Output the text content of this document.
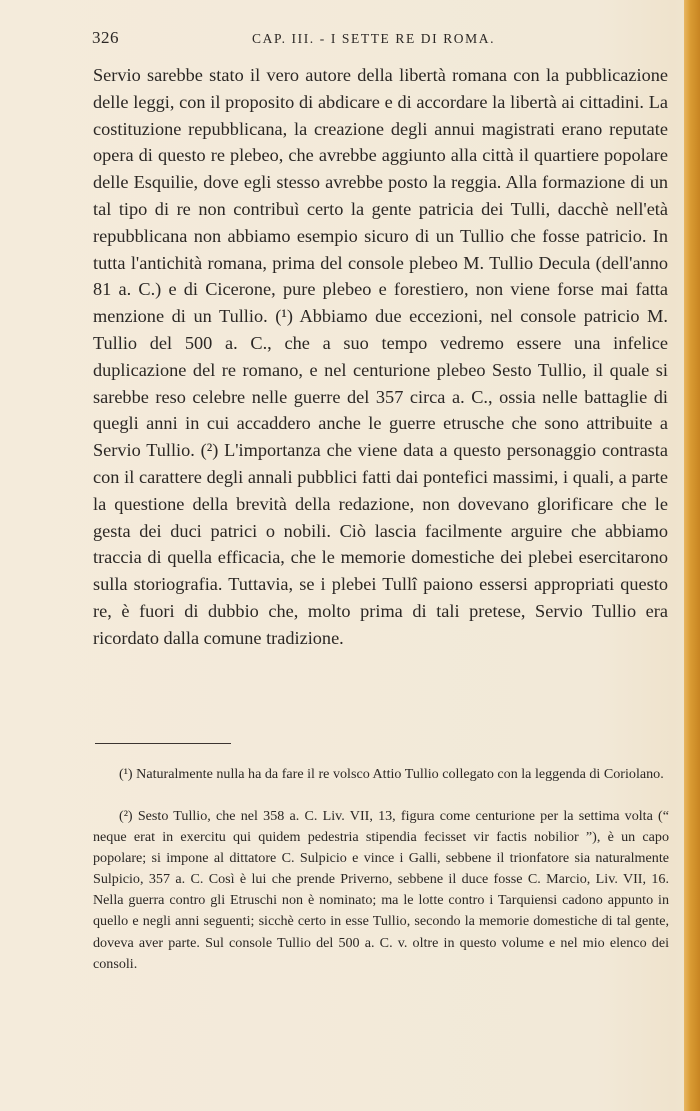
326	CAP. III. - I SETTE RE DI ROMA.

Servio sarebbe stato il vero autore della libertà romana con la pubblicazione delle leggi, con il proposito di abdicare e di accordare la libertà ai cittadini. La costituzione repubblicana, la creazione degli annui magistrati erano reputate opera di questo re plebeo, che avrebbe aggiunto alla città il quartiere popolare delle Esquilie, dove egli stesso avrebbe posto la reggia. Alla formazione di un tal tipo di re non contribuì certo la gente patricia dei Tulli, dacchè nell'età repubblicana non abbiamo esempio sicuro di un Tullio che fosse patricio. In tutta l'antichità romana, prima del console plebeo M. Tullio Decula (dell'anno 81 a. C.) e di Cicerone, pure plebeo e forestiero, non viene forse mai fatta menzione di un Tullio. (¹) Abbiamo due eccezioni, nel console patricio M. Tullio del 500 a. C., che a suo tempo vedremo essere una infelice duplicazione del re romano, e nel centurione plebeo Sesto Tullio, il quale si sarebbe reso celebre nelle guerre del 357 circa a. C., ossia nelle battaglie di quegli anni in cui accaddero anche le guerre etrusche che sono attribuite a Servio Tullio. (²) L'importanza che viene data a questo personaggio contrasta con il carattere degli annali pubblici fatti dai pontefici massimi, i quali, a parte la questione della brevità della redazione, non dovevano glorificare che le gesta dei duci patrici o nobili. Ciò lascia facilmente arguire che abbiamo traccia di quella efficacia, che le memorie domestiche dei plebei esercitarono sulla storiografia. Tuttavia, se i plebei Tullî paiono essersi appropriati questo re, è fuori di dubbio che, molto prima di tali pretese, Servio Tullio era ricordato dalla comune tradizione.

(¹) Naturalmente nulla ha da fare il re volsco Attio Tullio collegato con la leggenda di Coriolano.

(²) Sesto Tullio, che nel 358 a. C. Liv. VII, 13, figura come centurione per la settima volta (“ neque erat in exercitu qui quidem pedestria stipendia fecisset vir factis nobilior ”), è un capo popolare; si impone al dittatore C. Sulpicio e vince i Galli, sebbene il trionfatore sia naturalmente Sulpicio, 357 a. C. Così è lui che prende Priverno, sebbene il duce fosse C. Marcio, Liv. VII, 16. Nella guerra contro gli Etruschi non è nominato; ma le lotte contro i Tarquiensi cadono appunto in quello e negli anni seguenti; sicchè certo in esse Tullio, secondo la memorie domestiche di tal gente, doveva aver parte. Sul console Tullio del 500 a. C. v. oltre in questo volume e nel mio elenco dei consoli.
